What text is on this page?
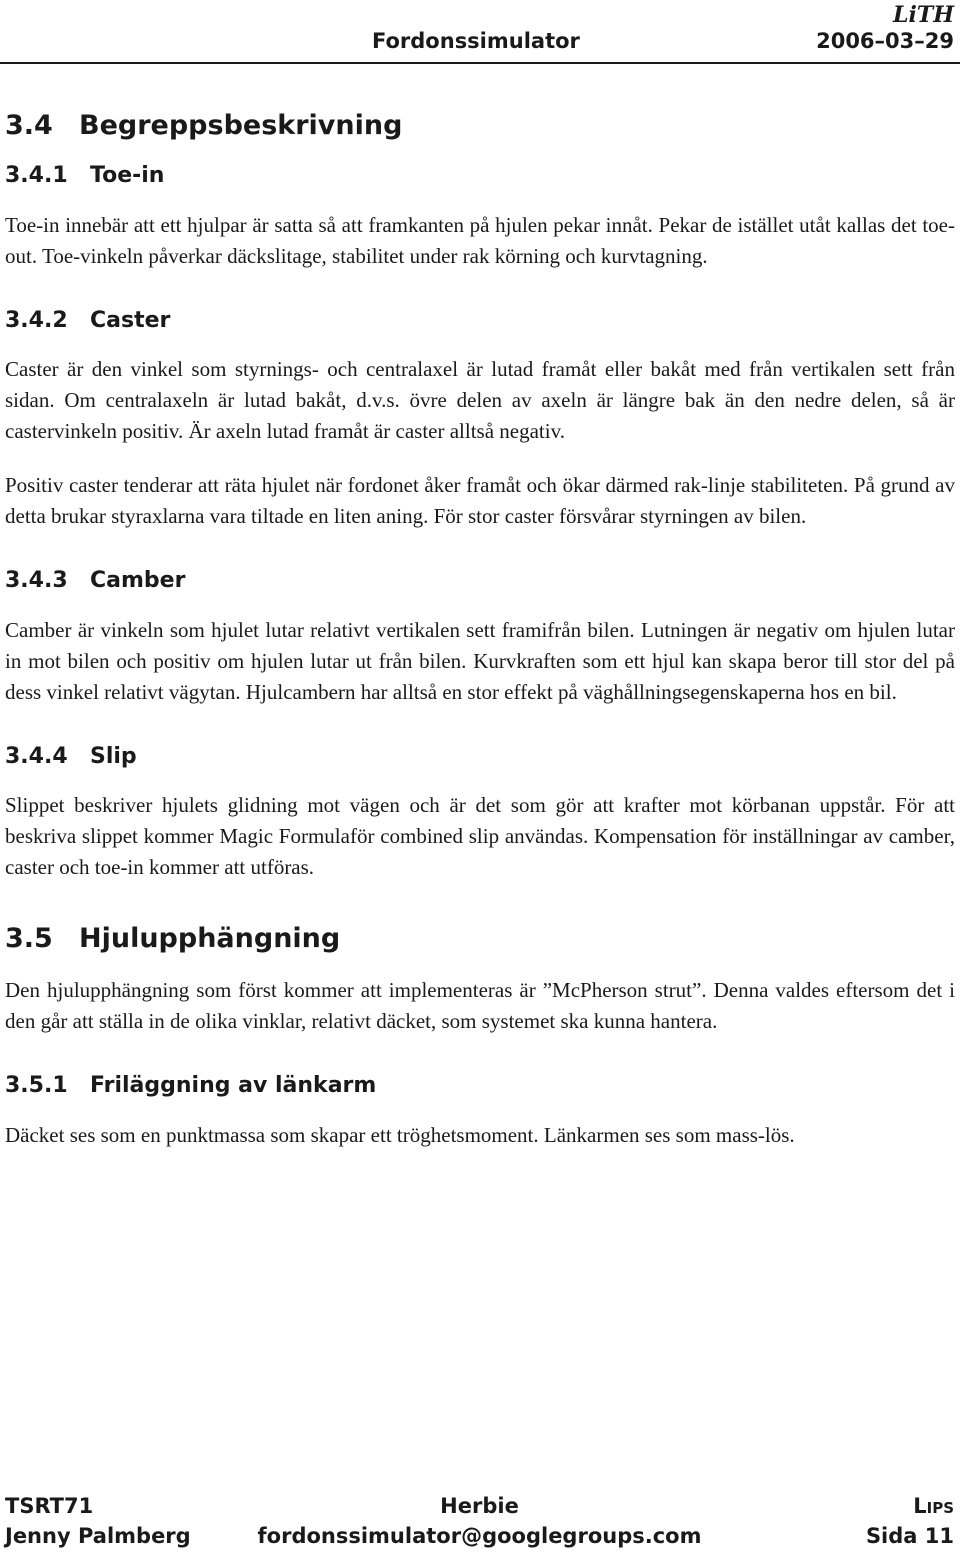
LiTH
Fordonssimulator	2006–03–29
3.4 Begreppsbeskrivning
3.4.1 Toe-in

Toe-in innebär att ett hjulpar är satta så att framkanten på hjulen pekar innåt. Pekar de istället utåt kallas det toe-out. Toe-vinkeln påverkar däckslitage, stabilitet under rak körning och kurvtagning.

3.4.2 Caster

Caster är den vinkel som styrnings- och centralaxel är lutad framåt eller bakåt med från vertikalen sett från sidan. Om centralaxeln är lutad bakåt, d.v.s. övre delen av axeln är längre bak än den nedre delen, så är castervinkeln positiv. Är axeln lutad framåt är caster alltså negativ.

Positiv caster tenderar att räta hjulet när fordonet åker framåt och ökar därmed rak-linje stabiliteten. På grund av detta brukar styraxlarna vara tiltade en liten aning. För stor caster försvårar styrningen av bilen.

3.4.3 Camber

Camber är vinkeln som hjulet lutar relativt vertikalen sett framifrån bilen. Lutningen är negativ om hjulen lutar in mot bilen och positiv om hjulen lutar ut från bilen. Kurvkraften som ett hjul kan skapa beror till stor del på dess vinkel relativt vägytan. Hjulcambern har alltså en stor effekt på väghållningsegenskaperna hos en bil.

3.4.4 Slip

Slippet beskriver hjulets glidning mot vägen och är det som gör att krafter mot körbanan uppstår. För att beskriva slippet kommer Magic Formulaför combined slip användas. Kompensation för inställningar av camber, caster och toe-in kommer att utföras.

3.5 Hjulupphängning

Den hjulupphängning som först kommer att implementeras är ”McPherson strut”. Denna valdes eftersom det i den går att ställa in de olika vinklar, relativt däcket, som systemet ska kunna hantera.

3.5.1 Friläggning av länkarm

Däcket ses som en punktmassa som skapar ett tröghetsmoment. Länkarmen ses som mass-lös.

TSRT71	Herbie	Lips
Jenny Palmberg	fordonssimulator@googlegroups.com	Sida 11
